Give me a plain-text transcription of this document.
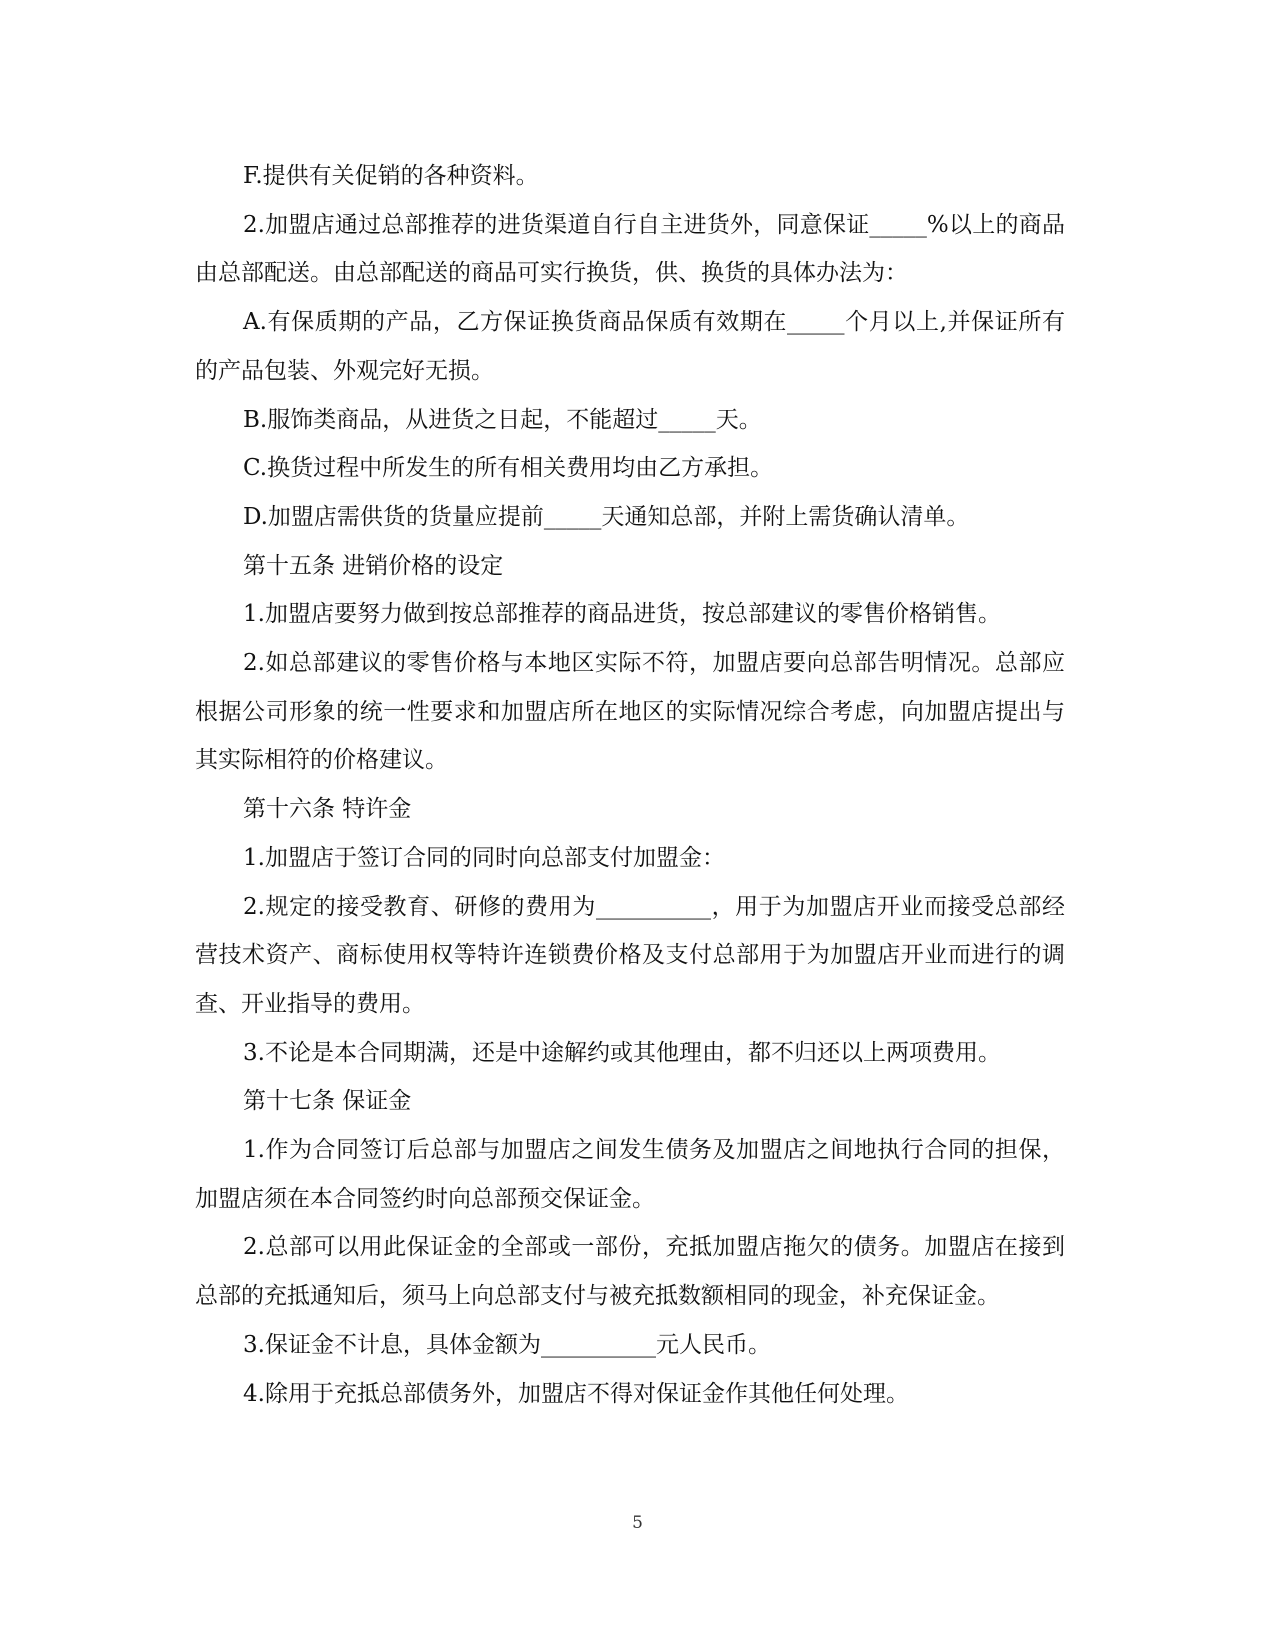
F.提供有关促销的各种资料。

2.加盟店通过总部推荐的进货渠道自行自主进货外，同意保证_____%以上的商品由总部配送。由总部配送的商品可实行换货，供、换货的具体办法为：

A.有保质期的产品，乙方保证换货商品保质有效期在_____个月以上,并保证所有的产品包装、外观完好无损。

B.服饰类商品，从进货之日起，不能超过_____天。

C.换货过程中所发生的所有相关费用均由乙方承担。

D.加盟店需供货的货量应提前_____天通知总部，并附上需货确认清单。

第十五条 进销价格的设定

1.加盟店要努力做到按总部推荐的商品进货，按总部建议的零售价格销售。

2.如总部建议的零售价格与本地区实际不符，加盟店要向总部告明情况。总部应根据公司形象的统一性要求和加盟店所在地区的实际情况综合考虑，向加盟店提出与其实际相符的价格建议。

第十六条 特许金

1.加盟店于签订合同的同时向总部支付加盟金：

2.规定的接受教育、研修的费用为__________，用于为加盟店开业而接受总部经营技术资产、商标使用权等特许连锁费价格及支付总部用于为加盟店开业而进行的调查、开业指导的费用。

3.不论是本合同期满，还是中途解约或其他理由，都不归还以上两项费用。

第十七条 保证金

1.作为合同签订后总部与加盟店之间发生债务及加盟店之间地执行合同的担保，加盟店须在本合同签约时向总部预交保证金。

2.总部可以用此保证金的全部或一部份，充抵加盟店拖欠的债务。加盟店在接到总部的充抵通知后，须马上向总部支付与被充抵数额相同的现金，补充保证金。

3.保证金不计息，具体金额为__________元人民币。

4.除用于充抵总部债务外，加盟店不得对保证金作其他任何处理。

5
